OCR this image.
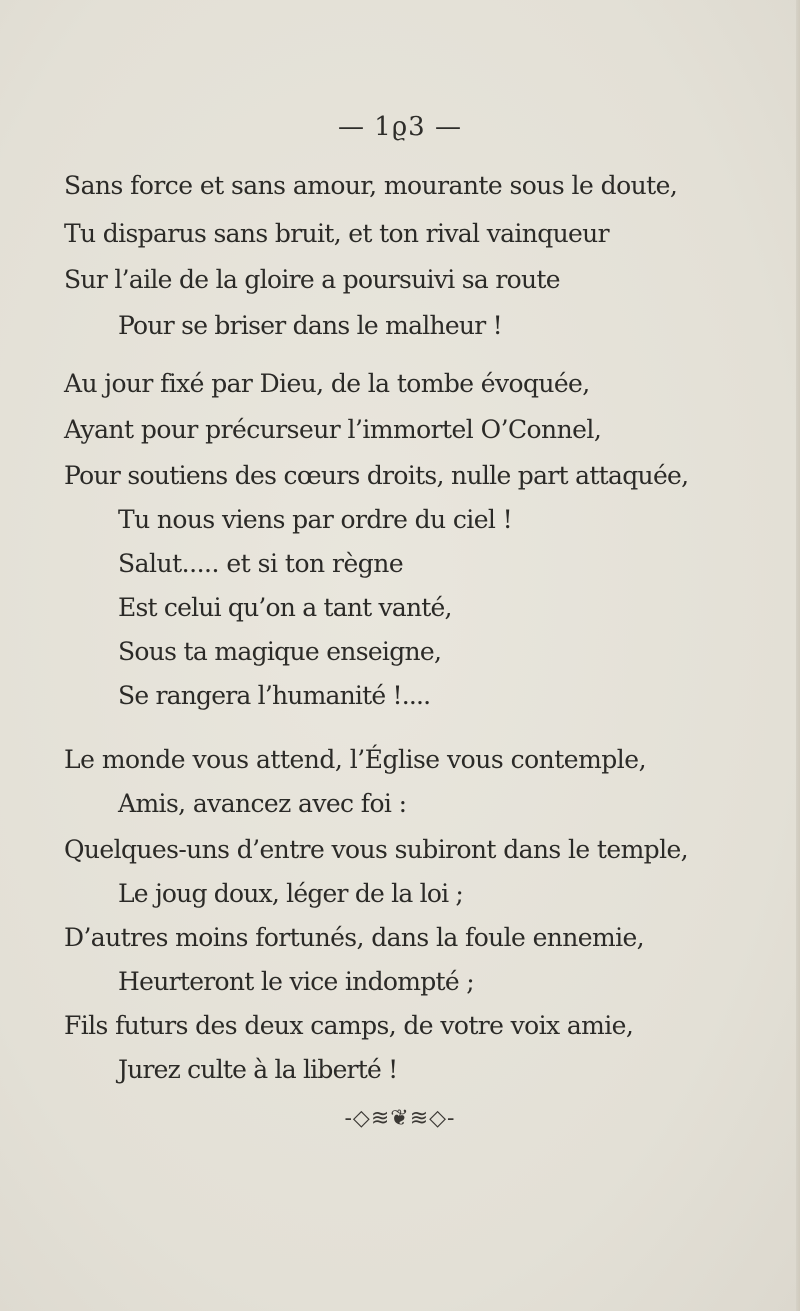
— 1ϱ3 —
Sans force et sans amour, mourante sous le doute,
Tu disparus sans bruit, et ton rival vainqueur
Sur l’aile de la gloire a poursuivi sa route
Pour se briser dans le malheur !
Au jour fixé par Dieu, de la tombe évoquée,
Ayant pour précurseur l’immortel O’Connel,
Pour soutiens des cœurs droits, nulle part attaquée,
Tu nous viens par ordre du ciel !
Salut..... et si ton règne
Est celui qu’on a tant vanté,
Sous ta magique enseigne,
Se rangera l’humanité !....
Le monde vous attend, l’Église vous contemple,
Amis, avancez avec foi :
Quelques-uns d’entre vous subiront dans le temple,
Le joug doux, léger de la loi ;
D’autres moins fortunés, dans la foule ennemie,
Heurteront le vice indompté ;
Fils futurs des deux camps, de votre voix amie,
Jurez culte à la liberté !
-◇≋❦≋◇-
